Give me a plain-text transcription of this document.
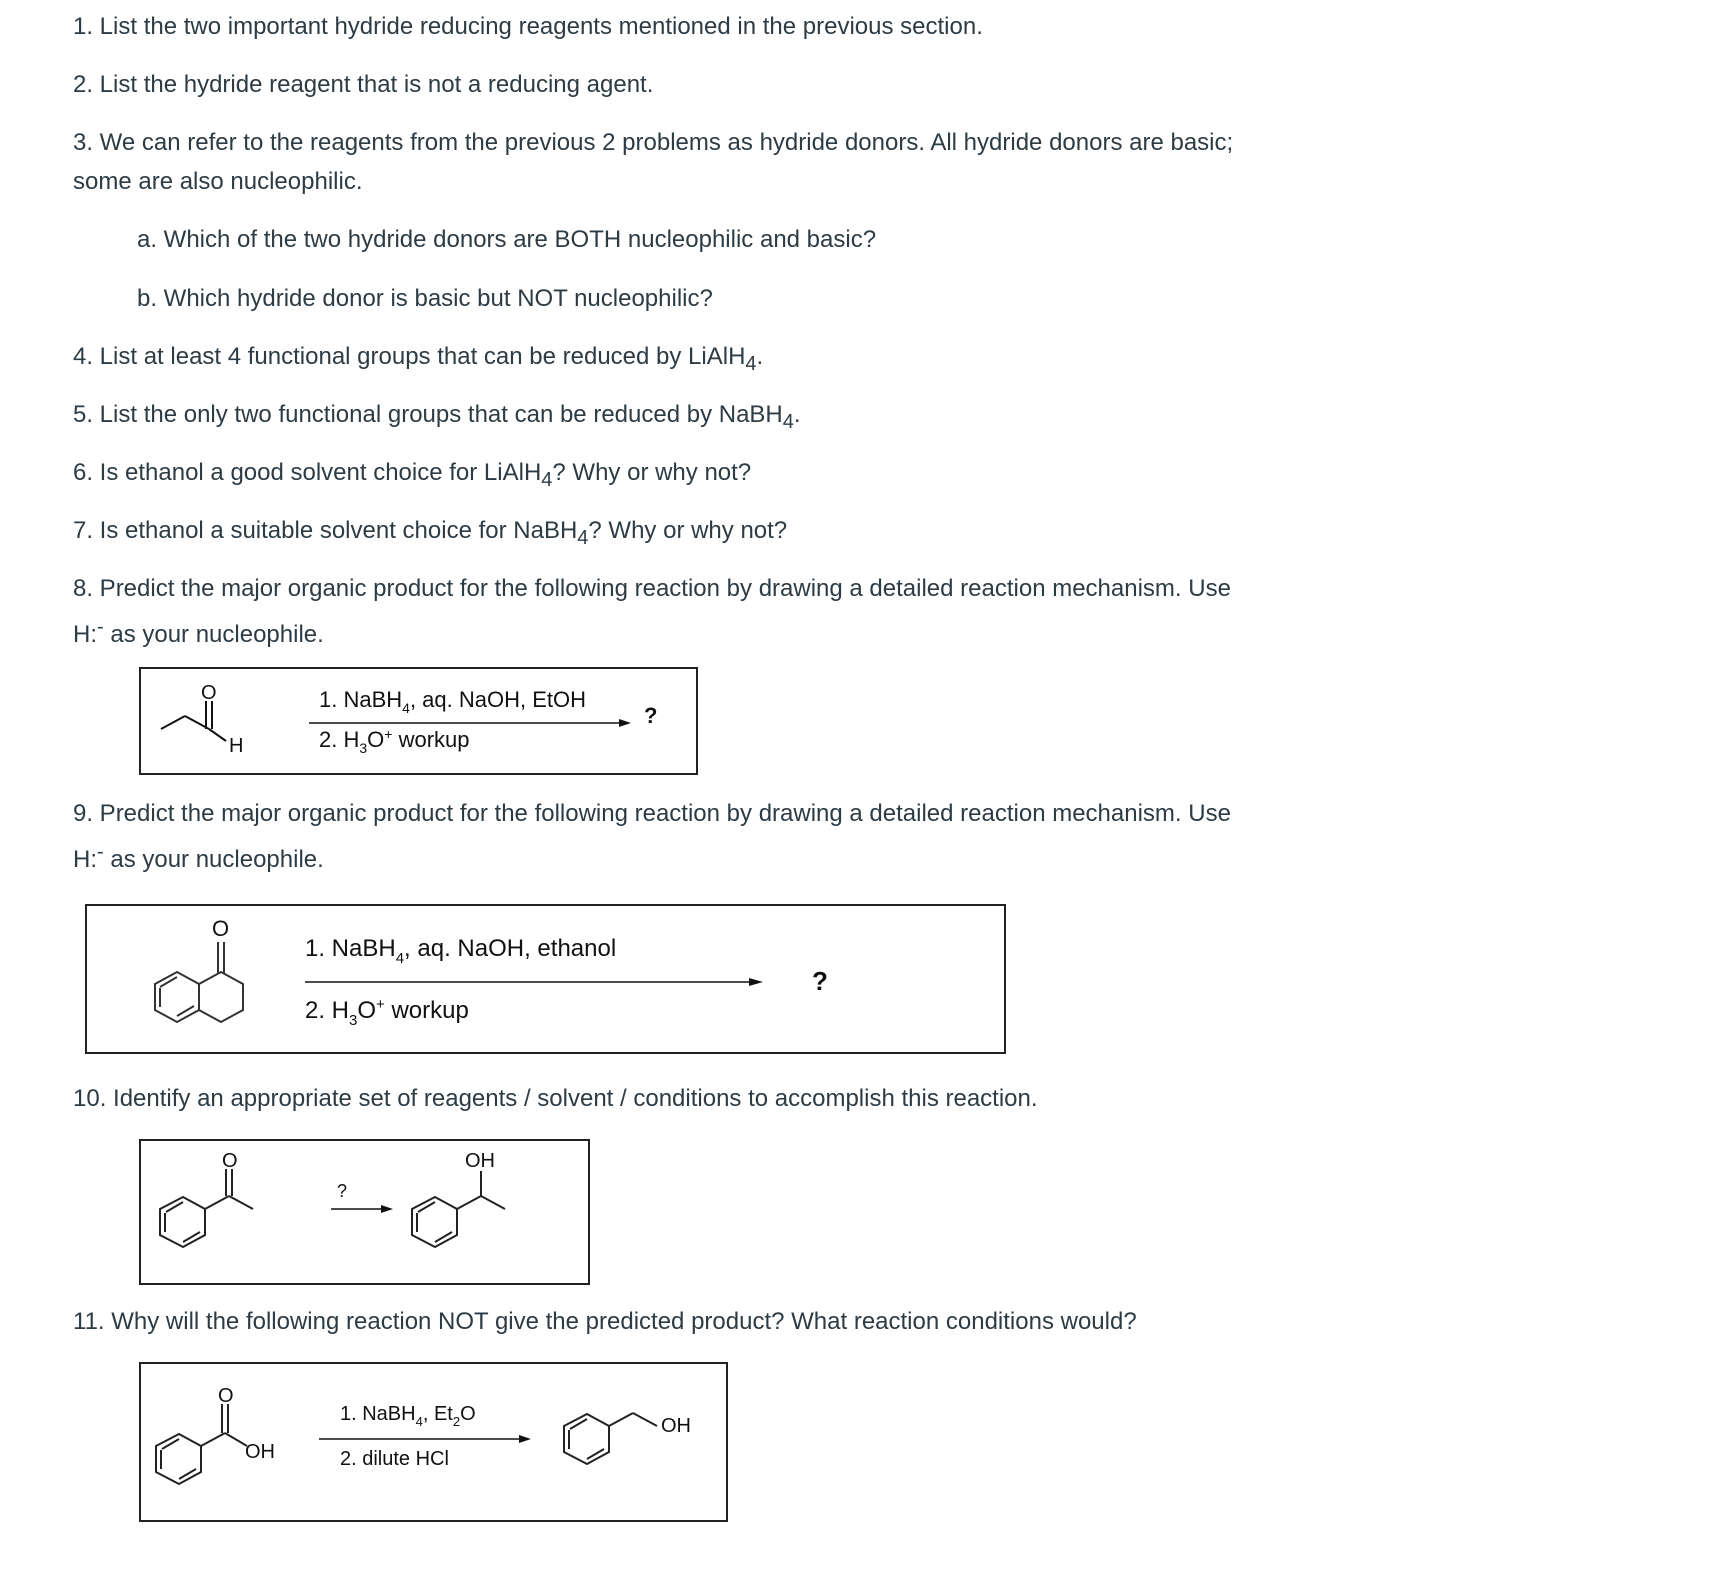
1. List the two important hydride reducing reagents mentioned in the previous section.

2. List the hydride reagent that is not a reducing agent.

3. We can refer to the reagents from the previous 2 problems as hydride donors. All hydride donors are basic;

some are also nucleophilic.

a. Which of the two hydride donors are BOTH nucleophilic and basic?

b. Which hydride donor is basic but NOT nucleophilic?

4. List at least 4 functional groups that can be reduced by LiAlH$_4$.

5. List the only two functional groups that can be reduced by NaBH$_4$.

6. Is ethanol a good solvent choice for LiAlH$_4$? Why or why not?

7. Is ethanol a suitable solvent choice for NaBH$_4$? Why or why not?

8. Predict the major organic product for the following reaction by drawing a detailed reaction mechanism. Use

H:- as your nucleophile.

O
H
1. NaBH$_4$, aq. NaOH, EtOH
2. $H_3O^+$ workup
?

9. Predict the major organic product for the following reaction by drawing a detailed reaction mechanism. Use

H:- as your nucleophile.

O
1. NaBH$_4$, aq. NaOH, ethanol
2. $H_3O^+$ workup
?

10. Identify an appropriate set of reagents / solvent / conditions to accomplish this reaction.

O
?
OH

11. Why will the following reaction NOT give the predicted product? What reaction conditions would?

O
OH
1. NaBH$_4$, $Et_2O$
2. dilute HCl
OH
